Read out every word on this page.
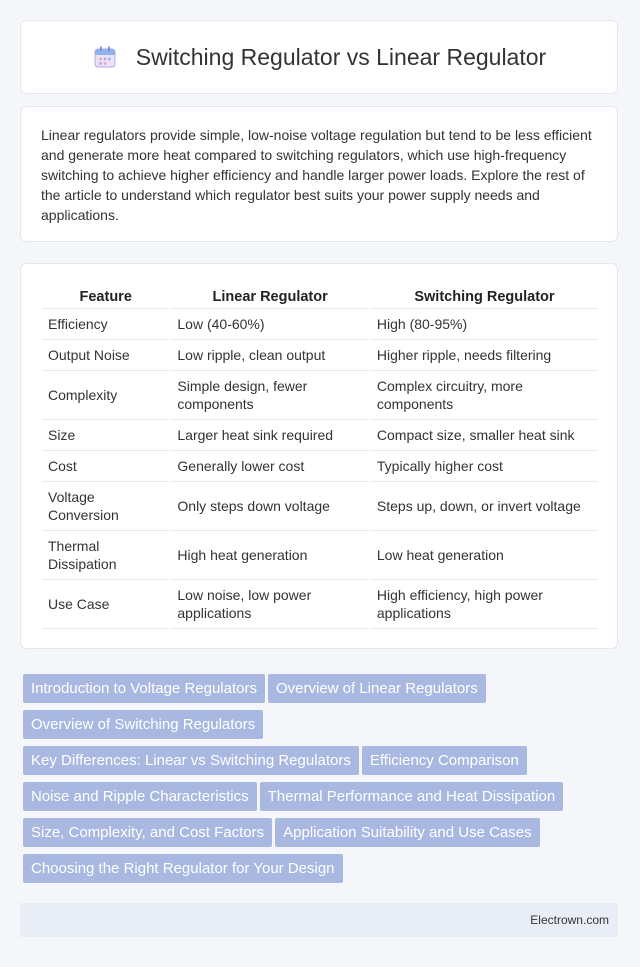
Switching Regulator vs Linear Regulator

Linear regulators provide simple, low-noise voltage regulation but tend to be less efficient and generate more heat compared to switching regulators, which use high-frequency switching to achieve higher efficiency and handle larger power loads. Explore the rest of the article to understand which regulator best suits your power supply needs and applications.

Feature	Linear Regulator	Switching Regulator
Efficiency	Low (40-60%)	High (80-95%)
Output Noise	Low ripple, clean output	Higher ripple, needs filtering
Complexity	Simple design, fewer components	Complex circuitry, more components
Size	Larger heat sink required	Compact size, smaller heat sink
Cost	Generally lower cost	Typically higher cost
Voltage Conversion	Only steps down voltage	Steps up, down, or invert voltage
Thermal Dissipation	High heat generation	Low heat generation
Use Case	Low noise, low power applications	High efficiency, high power applications
Introduction to Voltage Regulators Overview of Linear Regulators
Overview of Switching Regulators
Key Differences: Linear vs Switching Regulators Efficiency Comparison
Noise and Ripple Characteristics Thermal Performance and Heat Dissipation
Size, Complexity, and Cost Factors Application Suitability and Use Cases
Choosing the Right Regulator for Your Design
Electrown.com
